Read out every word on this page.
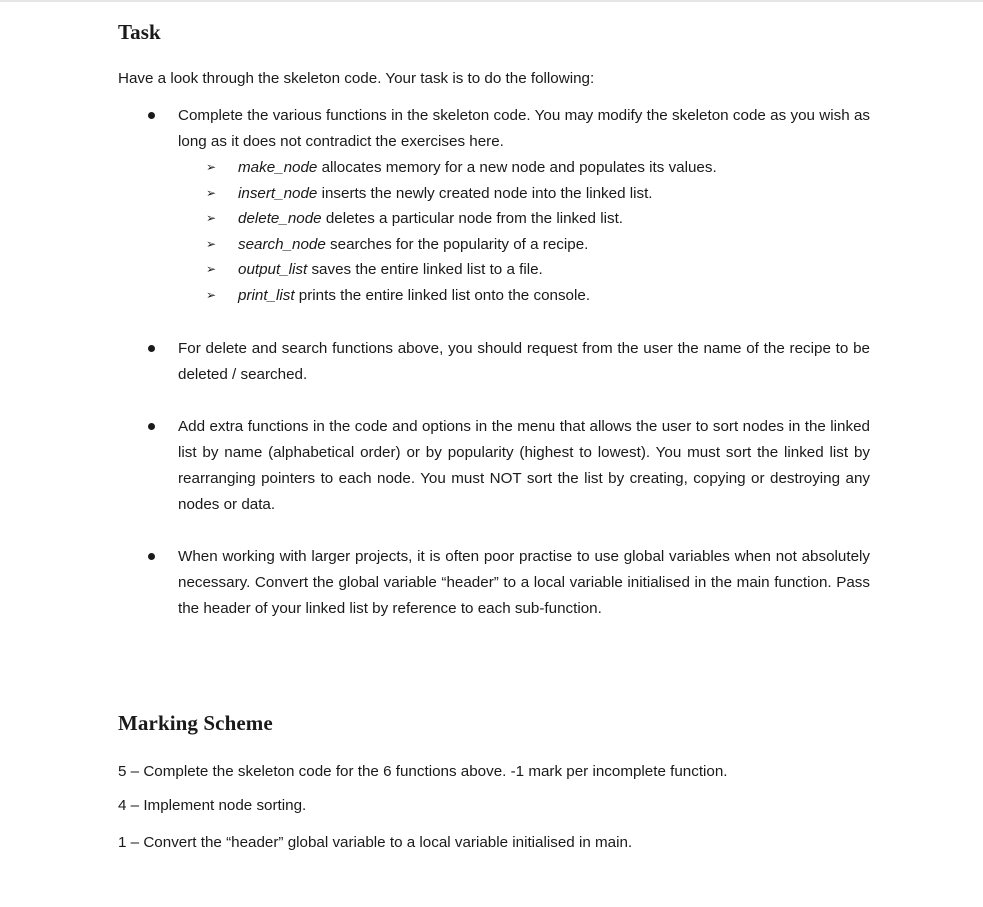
Task

Have a look through the skeleton code. Your task is to do the following:

Complete the various functions in the skeleton code. You may modify the skeleton code as you wish as long as it does not contradict the exercises here.

➢ make_node allocates memory for a new node and populates its values.
➢ insert_node inserts the newly created node into the linked list.
➢ delete_node deletes a particular node from the linked list.
➢ search_node searches for the popularity of a recipe.
➢ output_list saves the entire linked list to a file.
➢ print_list prints the entire linked list onto the console.

For delete and search functions above, you should request from the user the name of the recipe to be deleted / searched.

Add extra functions in the code and options in the menu that allows the user to sort nodes in the linked list by name (alphabetical order) or by popularity (highest to lowest). You must sort the linked list by rearranging pointers to each node. You must NOT sort the list by creating, copying or destroying any nodes or data.

When working with larger projects, it is often poor practise to use global variables when not absolutely necessary. Convert the global variable “header” to a local variable initialised in the main function. Pass the header of your linked list by reference to each sub-function.

Marking Scheme

5 – Complete the skeleton code for the 6 functions above. -1 mark per incomplete function.

4 – Implement node sorting.

1 – Convert the “header” global variable to a local variable initialised in main.
